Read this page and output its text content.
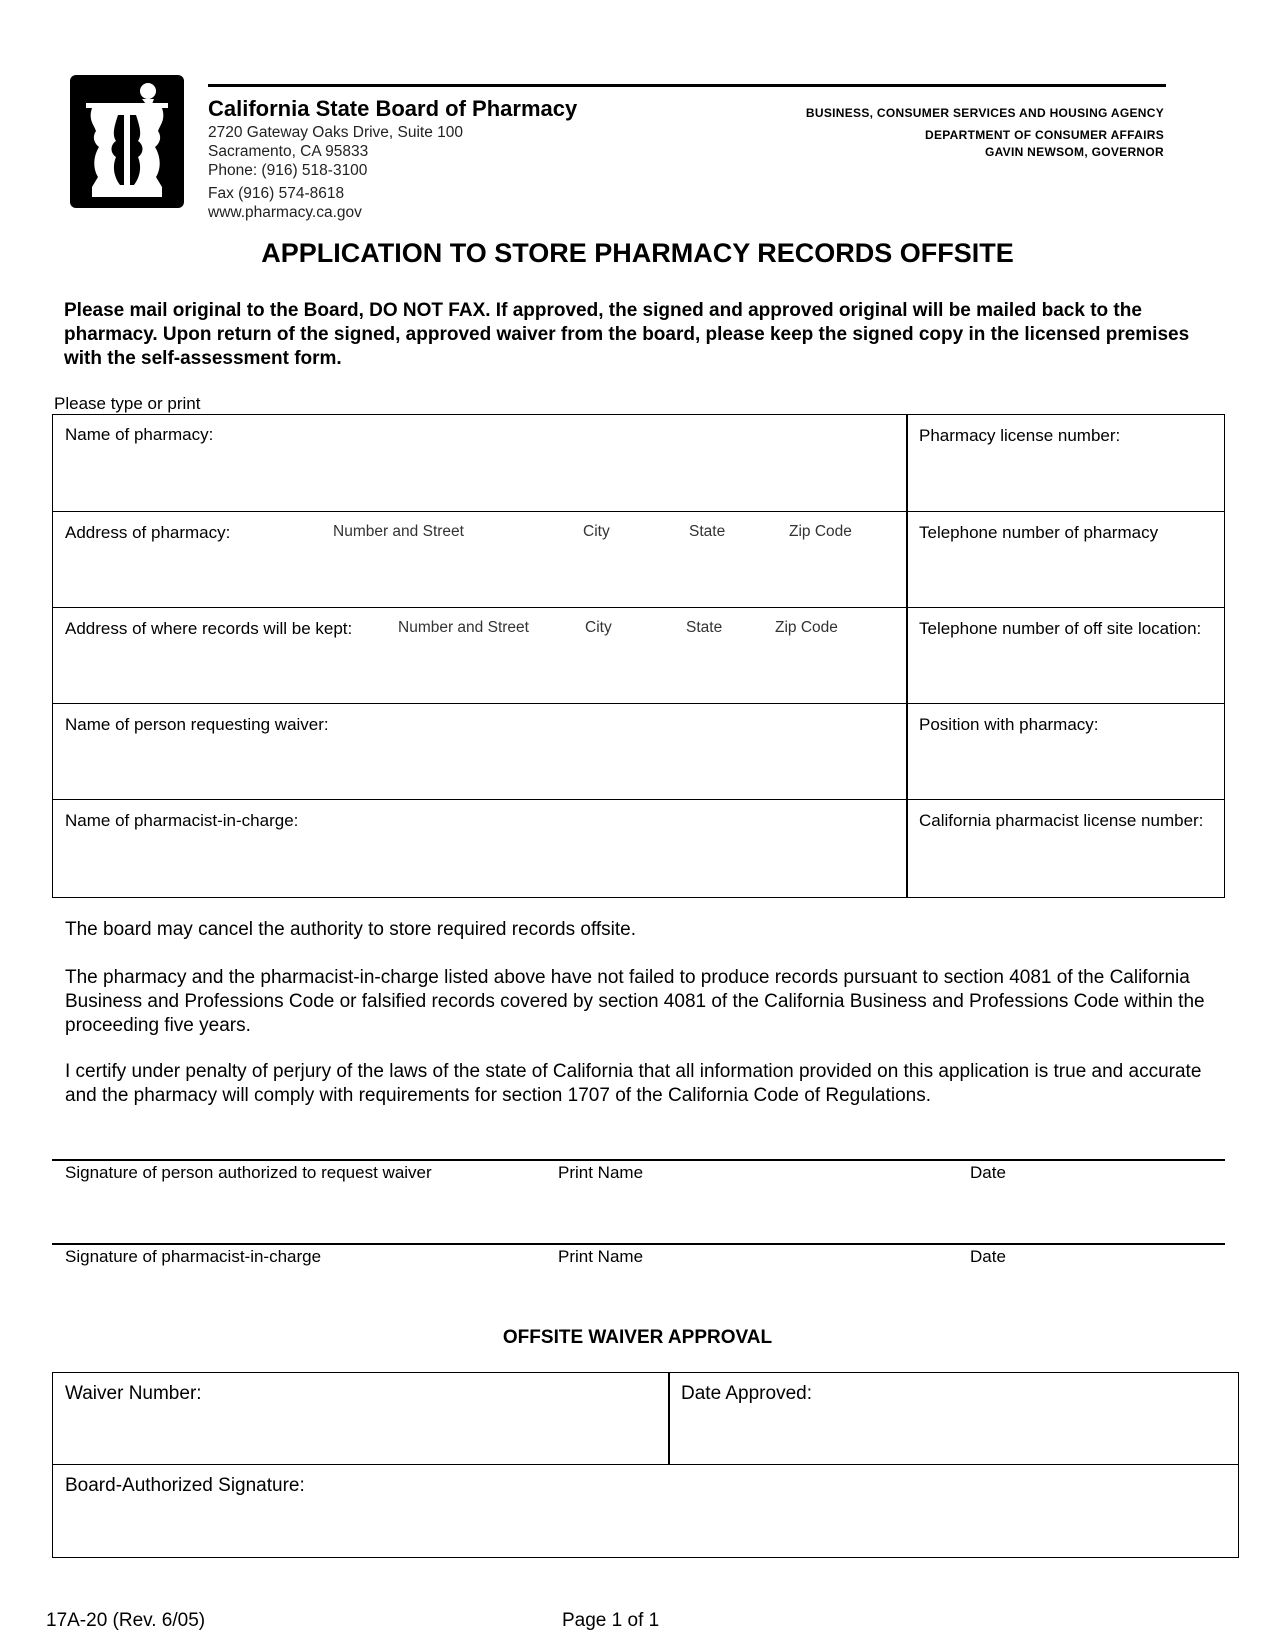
California State Board of Pharmacy
2720 Gateway Oaks Drive, Suite 100
Sacramento, CA 95833
Phone: (916) 518-3100
Fax (916) 574-8618
www.pharmacy.ca.gov
BUSINESS, CONSUMER SERVICES AND HOUSING AGENCY
DEPARTMENT OF CONSUMER AFFAIRS
GAVIN NEWSOM, GOVERNOR
APPLICATION TO STORE PHARMACY RECORDS OFFSITE
Please mail original to the Board, DO NOT FAX. If approved, the signed and approved original will be mailed back to the pharmacy. Upon return of the signed, approved waiver from the board, please keep the signed copy in the licensed premises with the self-assessment form.
Please type or print
Name of pharmacy:	Pharmacy license number:
Address of pharmacy:	Number and Street	City	State	Zip Code	Telephone number of pharmacy
Address of where records will be kept:	Number and Street	City	State	Zip Code	Telephone number of off site location:
Name of person requesting waiver:	Position with pharmacy:
Name of pharmacist-in-charge:	California pharmacist license number:
The board may cancel the authority to store required records offsite.
The pharmacy and the pharmacist-in-charge listed above have not failed to produce records pursuant to section 4081 of the California Business and Professions Code or falsified records covered by section 4081 of the California Business and Professions Code within the proceeding five years.
I certify under penalty of perjury of the laws of the state of California that all information provided on this application is true and accurate and the pharmacy will comply with requirements for section 1707 of the California Code of Regulations.
Signature of person authorized to request waiver	Print Name	Date
Signature of pharmacist-in-charge	Print Name	Date
OFFSITE WAIVER APPROVAL
Waiver Number:	Date Approved:
Board-Authorized Signature:
17A-20 (Rev. 6/05)	Page 1 of 1
